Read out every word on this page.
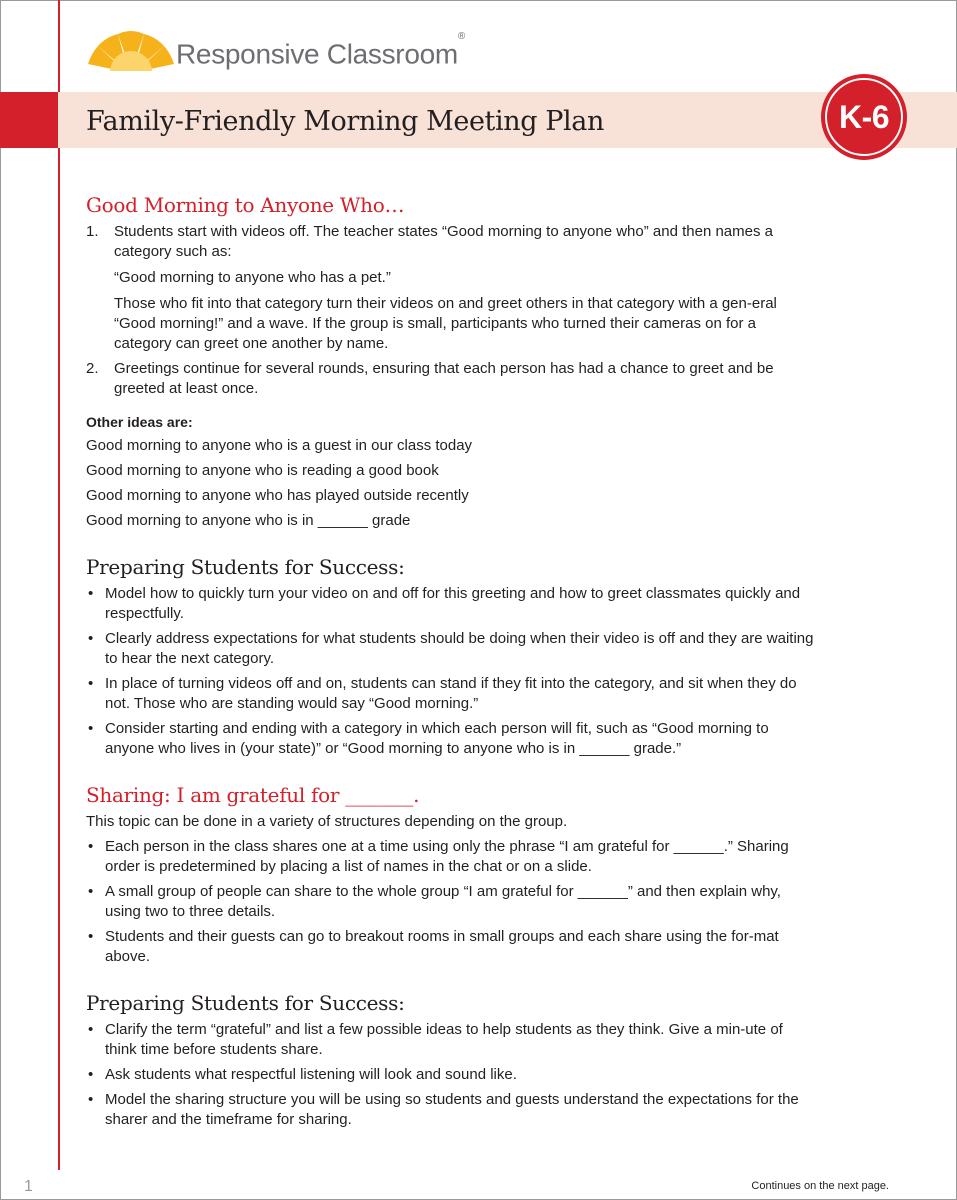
Responsive Classroom®
Family-Friendly Morning Meeting Plan	K-6
Good Morning to Anyone Who…
1. Students start with videos off. The teacher states “Good morning to anyone who” and then names a category such as:

“Good morning to anyone who has a pet.”

Those who fit into that category turn their videos on and greet others in that category with a gen-eral “Good morning!” and a wave. If the group is small, participants who turned their cameras on for a category can greet one another by name.

2. Greetings continue for several rounds, ensuring that each person has had a chance to greet and be greeted at least once.

Other ideas are:

Good morning to anyone who is a guest in our class today

Good morning to anyone who is reading a good book

Good morning to anyone who has played outside recently

Good morning to anyone who is in ______ grade

Preparing Students for Success:
• Model how to quickly turn your video on and off for this greeting and how to greet classmates quickly and respectfully.
• Clearly address expectations for what students should be doing when their video is off and they are waiting to hear the next category.
• In place of turning videos off and on, students can stand if they fit into the category, and sit when they do not. Those who are standing would say “Good morning.”
• Consider starting and ending with a category in which each person will fit, such as “Good morning to anyone who lives in (your state)” or “Good morning to anyone who is in ______ grade.”
Sharing: I am grateful for _______.

This topic can be done in a variety of structures depending on the group.

• Each person in the class shares one at a time using only the phrase “I am grateful for ______.” Sharing order is predetermined by placing a list of names in the chat or on a slide.
• A small group of people can share to the whole group “I am grateful for ______” and then explain why, using two to three details.
• Students and their guests can go to breakout rooms in small groups and each share using the for-mat above.
Preparing Students for Success:
• Clarify the term “grateful” and list a few possible ideas to help students as they think. Give a min-ute of think time before students share.
• Ask students what respectful listening will look and sound like.
• Model the sharing structure you will be using so students and guests understand the expectations for the sharer and the timeframe for sharing.
1	Continues on the next page.
